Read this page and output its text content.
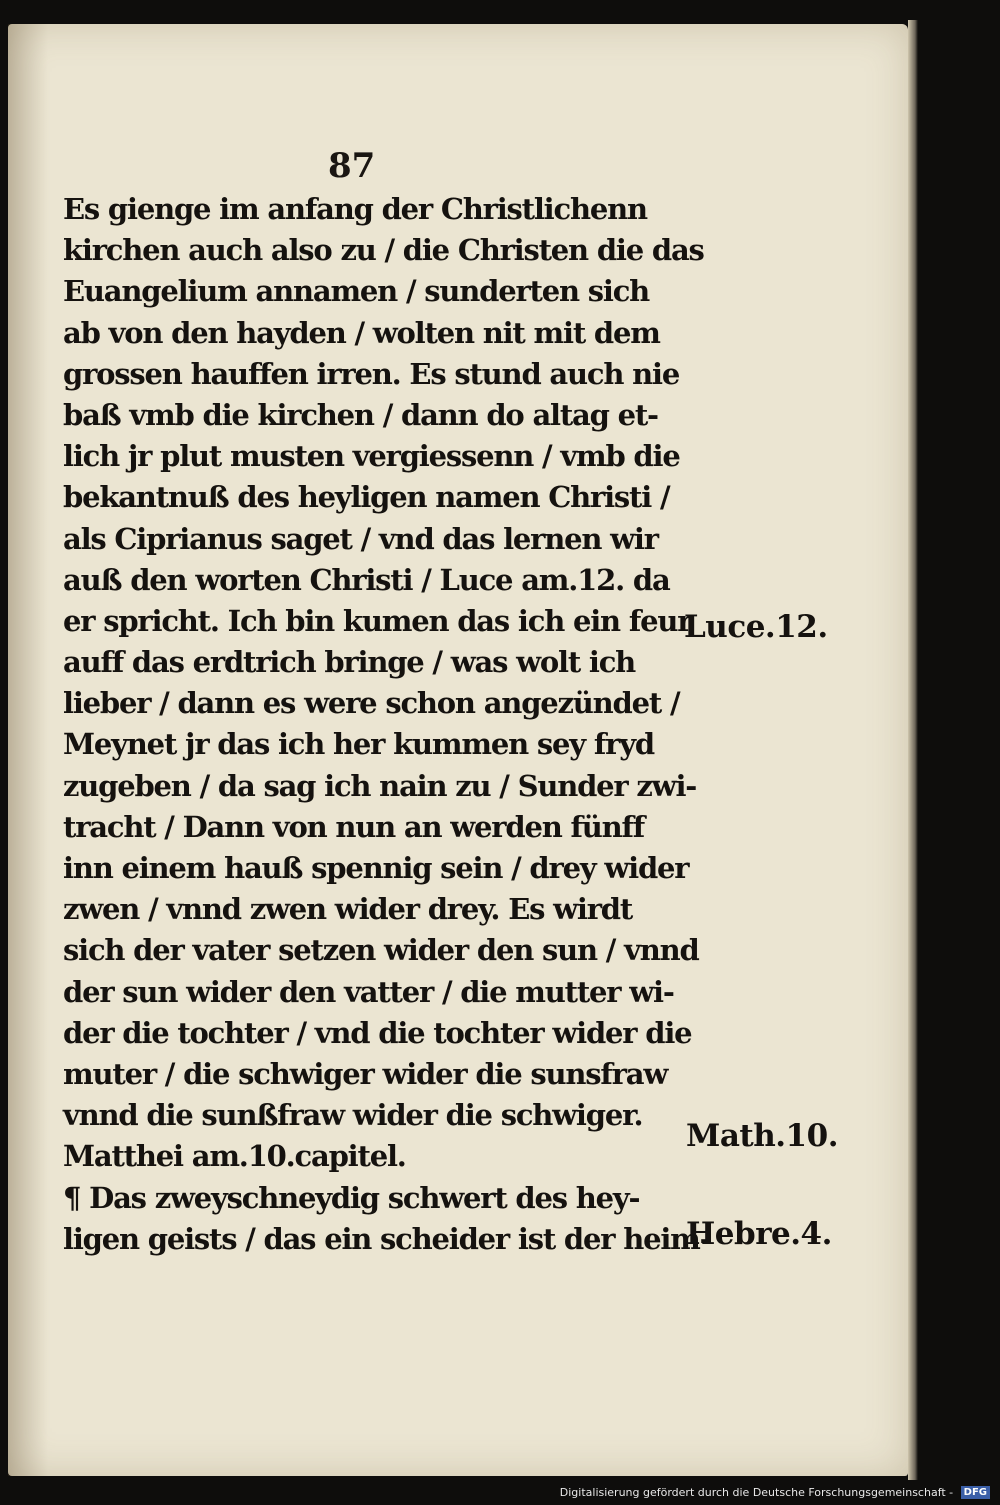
87
Es gienge im anfang der Christlichenn
kirchen auch also zu / die Christen die das
Euangelium annamen / sunderten sich
ab von den hayden / wolten nit mit dem
grossen hauffen irren. Es stund auch nie
baß vmb die kirchen / dann do altag et-
lich jr plut musten vergiessenn / vmb die
bekantnuß des heyligen namen Christi /
als Ciprianus saget / vnd das lernen wir
auß den worten Christi / Luce am.12. da
er spricht. Ich bin kumen das ich ein feur
auff das erdtrich bringe / was wolt ich
lieber / dann es were schon angezündet /
Meynet jr das ich her kummen sey fryd
zugeben / da sag ich nain zu / Sunder zwi-
tracht / Dann von nun an werden fünff
inn einem hauß spennig sein / drey wider
zwen / vnnd zwen wider drey. Es wirdt
sich der vater setzen wider den sun / vnnd
der sun wider den vatter / die mutter wi-
der die tochter / vnd die tochter wider die
muter / die schwiger wider die sunsfraw
vnnd die sunßfraw wider die schwiger.
Matthei am.10.capitel.
¶ Das zweyschneydig schwert des hey-
ligen geists / das ein scheider ist der heim-
Luce.12.
Math.10.
Hebre.4.
Digitalisierung gefördert durch die Deutsche Forschungsgemeinschaft - DFG
